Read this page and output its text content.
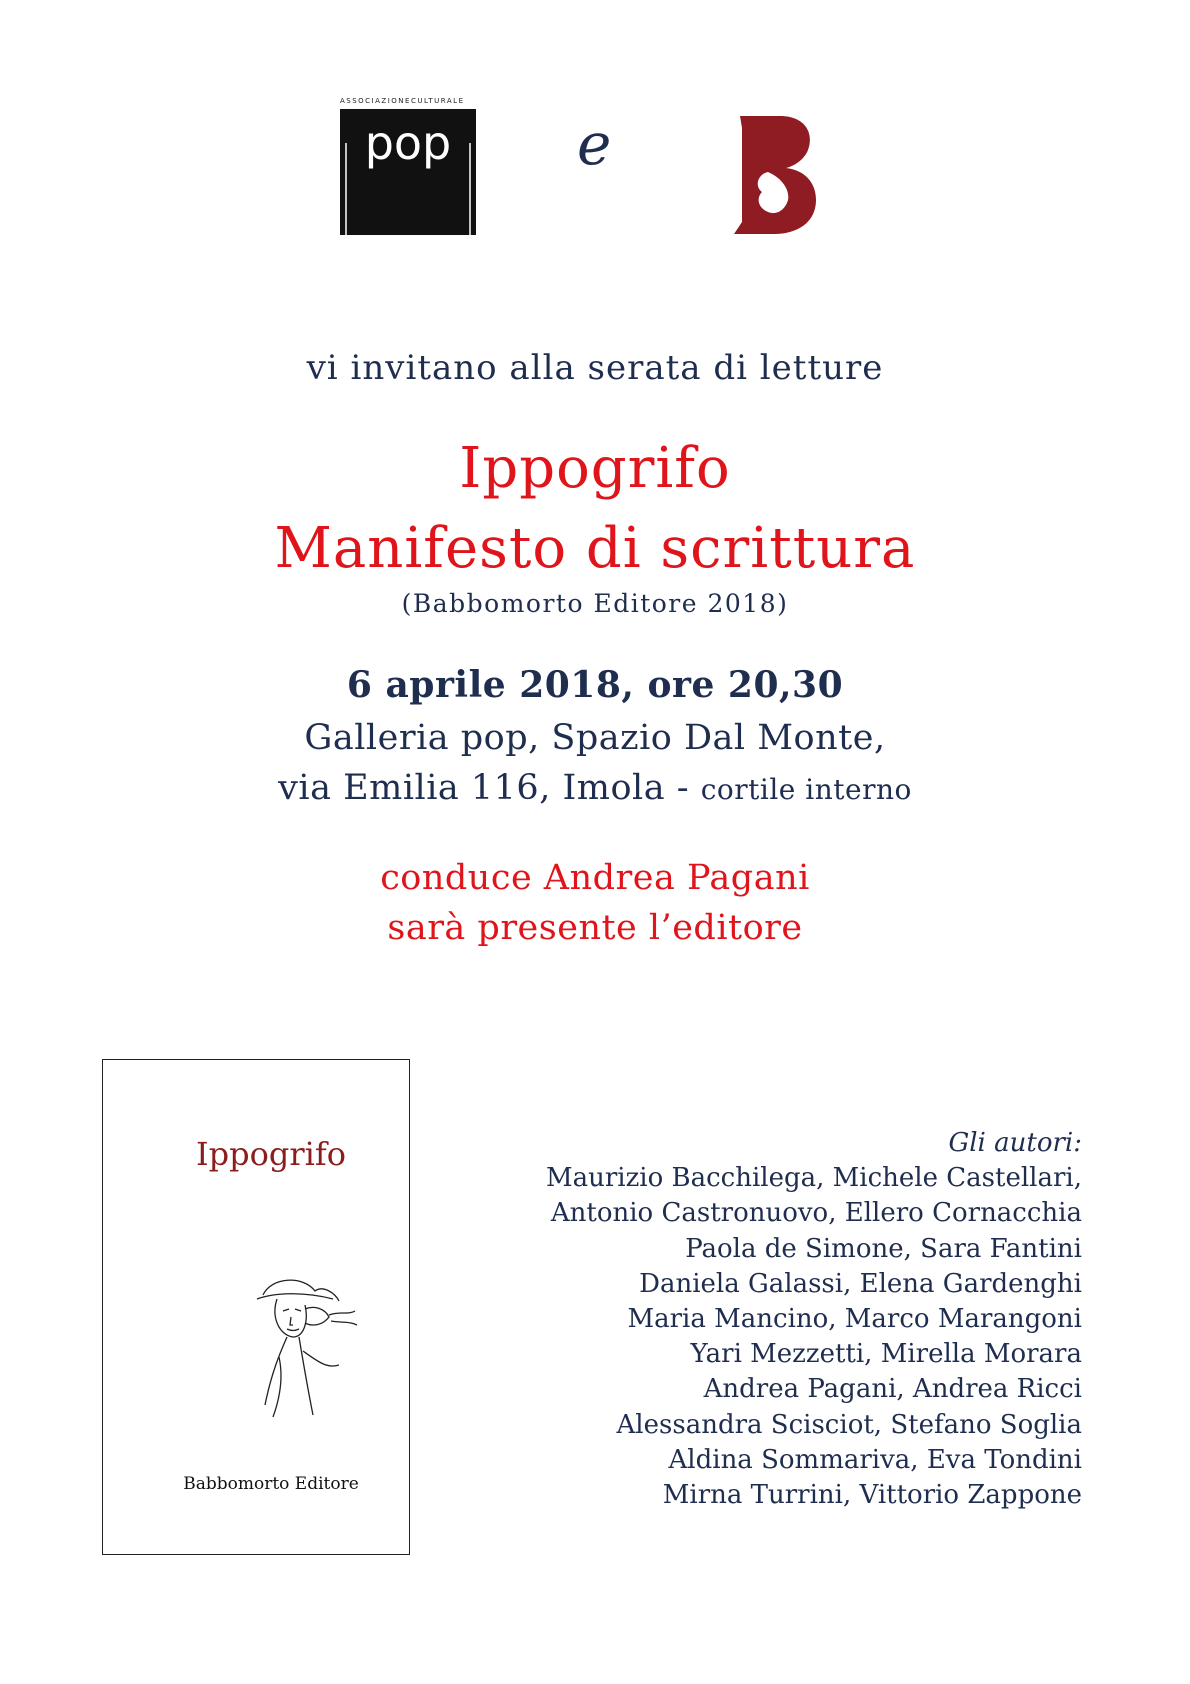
ASSOCIAZIONECULTURALE
pop e
B
vi invitano alla serata di letture
Ippogrifo
Manifesto di scrittura
(Babbomorto Editore 2018)
6 aprile 2018, ore 20,30
Galleria pop, Spazio Dal Monte,
via Emilia 116, Imola - cortile interno
conduce Andrea Pagani
sarà presente l’editore
Ippogrifo
Babbomorto Editore
Gli autori:
Maurizio Bacchilega, Michele Castellari,
Antonio Castronuovo, Ellero Cornacchia
Paola de Simone, Sara Fantini
Daniela Galassi, Elena Gardenghi
Maria Mancino, Marco Marangoni
Yari Mezzetti, Mirella Morara
Andrea Pagani, Andrea Ricci
Alessandra Scisciot, Stefano Soglia
Aldina Sommariva, Eva Tondini
Mirna Turrini, Vittorio Zappone
